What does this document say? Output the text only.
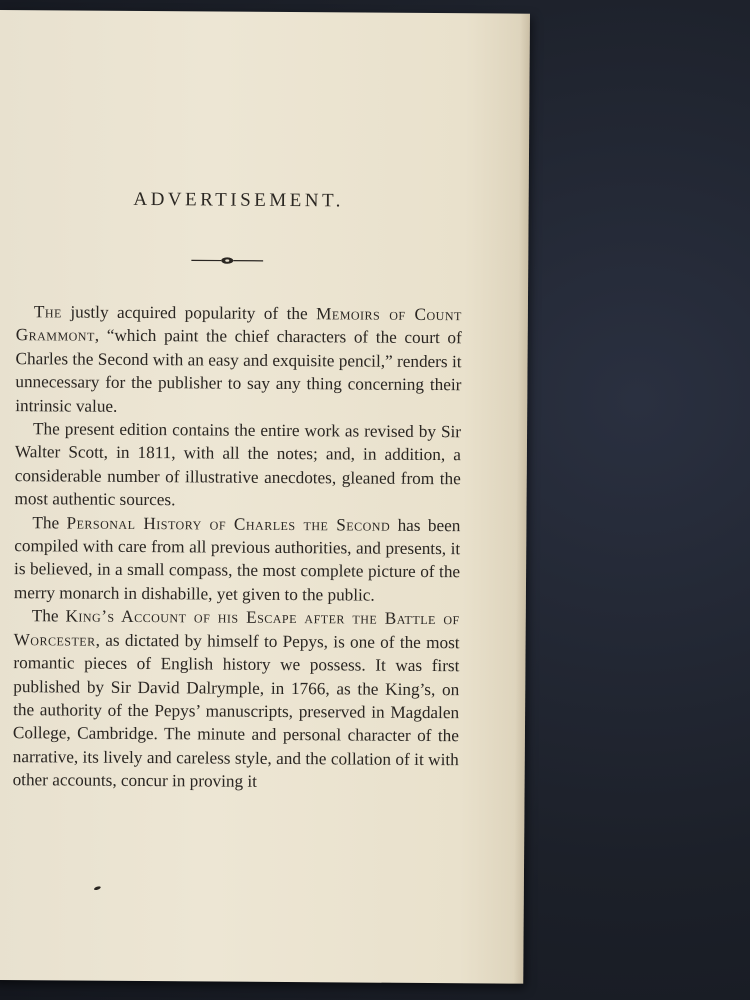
ADVERTISEMENT.

The justly acquired popularity of the Memoirs of Count Grammont, “which paint the chief characters of the court of Charles the Second with an easy and exquisite pencil,” renders it unnecessary for the publisher to say any thing concerning their intrinsic value.

The present edition contains the entire work as revised by Sir Walter Scott, in 1811, with all the notes; and, in addition, a considerable number of illustrative anecdotes, gleaned from the most authentic sources.

The Personal History of Charles the Second has been compiled with care from all previous authorities, and presents, it is believed, in a small compass, the most complete picture of the merry monarch in dishabille, yet given to the public.

The King’s Account of his Escape after the Battle of Worcester, as dictated by himself to Pepys, is one of the most romantic pieces of English history we possess. It was first published by Sir David Dalrymple, in 1766, as the King’s, on the authority of the Pepys’ manuscripts, preserved in Magdalen College, Cambridge. The minute and personal character of the narrative, its lively and careless style, and the collation of it with other accounts, concur in proving it
